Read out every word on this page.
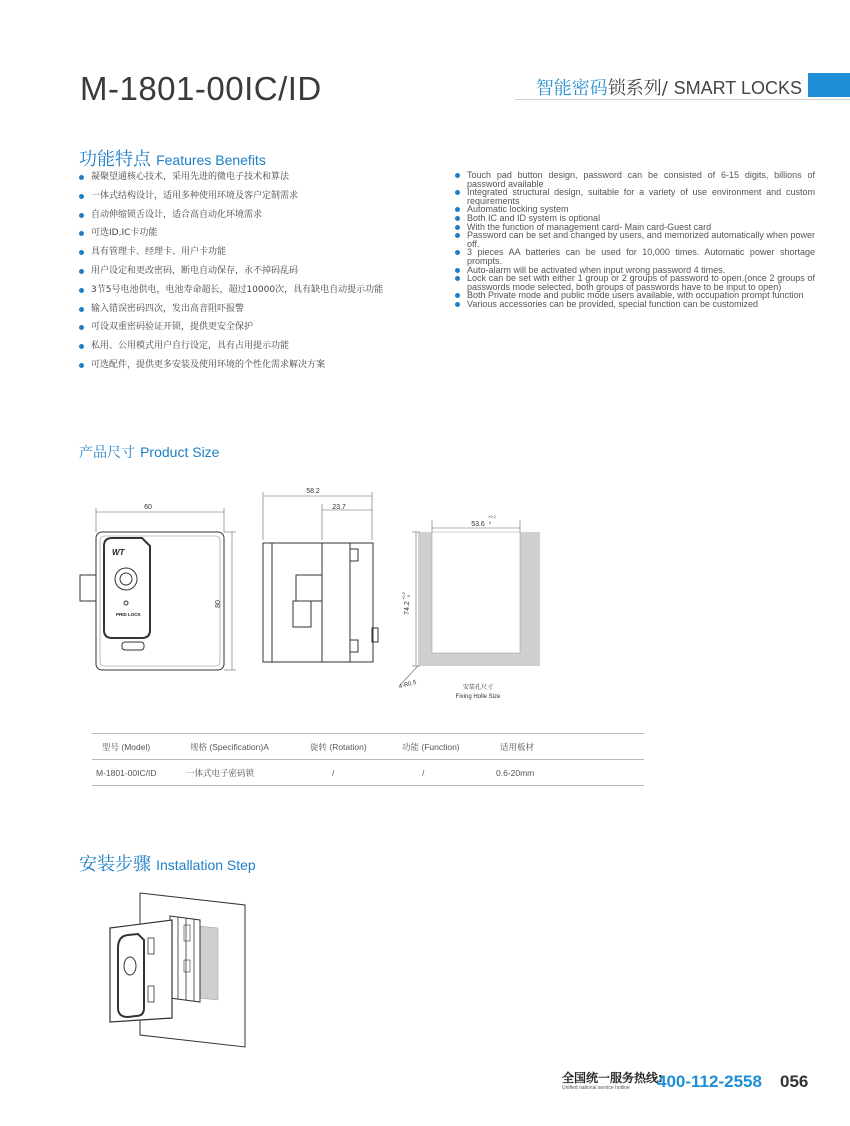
M-1801-00IC/ID	智能密码锁系列/ SMART LOCKS
功能特点 Features Benefits
凝聚望通核心技术，采用先进的微电子技术和算法
一体式结构设计，适用多种使用环境及客户定制需求
自动伸缩锁舌设计，适合高自动化环境需求
可选ID,IC卡功能
具有管理卡、经理卡、用户卡功能
用户设定和更改密码，断电自动保存，永不掉码乱码
3节5号电池供电，电池寿命超长，超过10000次，具有缺电自动提示功能
输入错误密码四次，发出高音阻吓报警
可设双重密码验证开锁，提供更安全保护
私用、公用模式用户自行设定，具有占用提示功能
可选配件，提供更多安装及使用环境的个性化需求解决方案
Touch pad button design, password can be consisted of 6-15 digits, billions of password available
Integrated structural design, suitable for a variety of use environment and custom requirements
Automatic locking system
Both IC and ID system is optional
With the function of management card- Main card-Guest card
Password can be set and changed by users, and memorized automatically when power off.
3 pieces AA batteries can be used for 10,000 times. Automatic power shortage prompts.
Auto-alarm will be activated when input wrong password 4 times.
Lock can be set with either 1 group or 2 groups of password to open.(once 2 groups of passwords mode selected, both groups of passwords have to be input to open)
Both Private mode and public mode users available, with occupation prompt function
Various accessories can be provided, special function can be customized
产品尺寸 Product Size
60
80
WT
PRID LOCK
58.2
23.7
53.6
+0.2
0
74.2
+0.2 0
4-R0.5	安装孔尺寸
Fixing Holle Size
型号 (Model)	规格 (Specification)A	旋转 (Rotation)	功能 (Function)	适用板材
M-1801-00IC/ID	一体式电子密码锁	/	/	0.6-20mm
安装步骤 Installation Step
全国统一服务热线:
Unified national service hotline	400-112-2558 056
